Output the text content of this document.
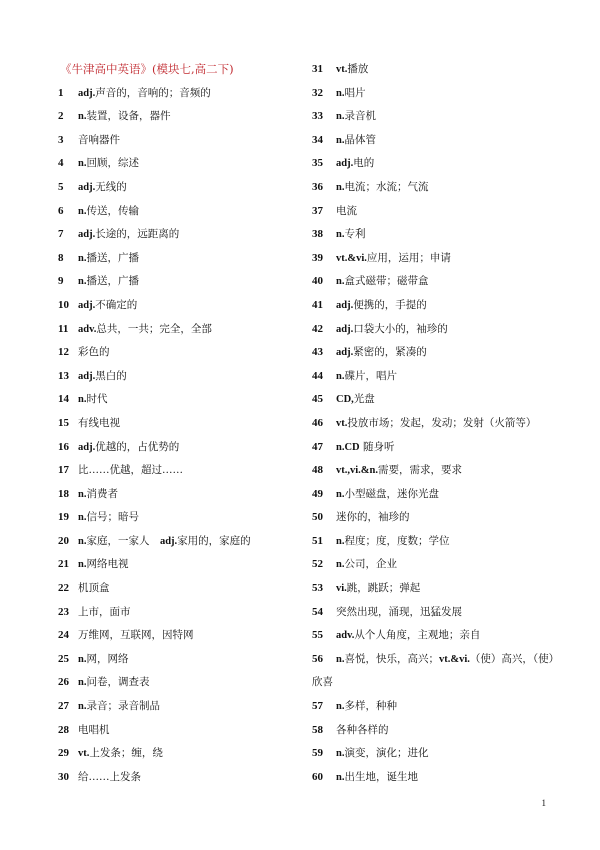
《牛津高中英语》(模块七,高二下)
1 adj.声音的，音响的；音频的
2 n.装置，设备，器件
3 音响器件
4 n.回顾，综述
5 adj.无线的
6 n.传送，传输
7 adj.长途的，远距离的
8 n.播送，广播
9 n.播送，广播
10 adj.不确定的
11 adv.总共，一共；完全，全部
12 彩色的
13 adj.黑白的
14 n.时代
15 有线电视
16 adj.优越的，占优势的
17 比……优越，超过……
18 n.消费者
19 n.信号；暗号
20 n.家庭，一家人　adj.家用的，家庭的
21 n.网络电视
22 机顶盒
23 上市，面市
24 万维网，互联网，因特网
25 n.网，网络
26 n.问卷，调查表
27 n.录音；录音制品
28 电唱机
29 vt.上发条；缠，绕
30 给……上发条
31 vt.播放
32 n.唱片
33 n.录音机
34 n.晶体管
35 adj.电的
36 n.电流；水流；气流
37 电流
38 n.专利
39 vt.&vi.应用，运用；申请
40 n.盒式磁带；磁带盒
41 adj.便携的，手提的
42 adj.口袋大小的，袖珍的
43 adj.紧密的，紧凑的
44 n.碟片，唱片
45 CD,光盘
46 vt.投放市场；发起，发动；发射（火箭等）
47 n.CD 随身听
48 vt.,vi.&n.需要，需求，要求
49 n.小型磁盘，迷你光盘
50 迷你的，袖珍的
51 n.程度；度，度数；学位
52 n.公司，企业
53 vi.跳，跳跃；弹起
54 突然出现，涌现，迅猛发展
55 adv.从个人角度，主观地；亲自
56 n.喜悦，快乐，高兴；vt.&vi.（使）高兴，（使）
欣喜
57 n.多样，种种
58 各种各样的
59 n.演变，演化；进化
60 n.出生地，诞生地
1
